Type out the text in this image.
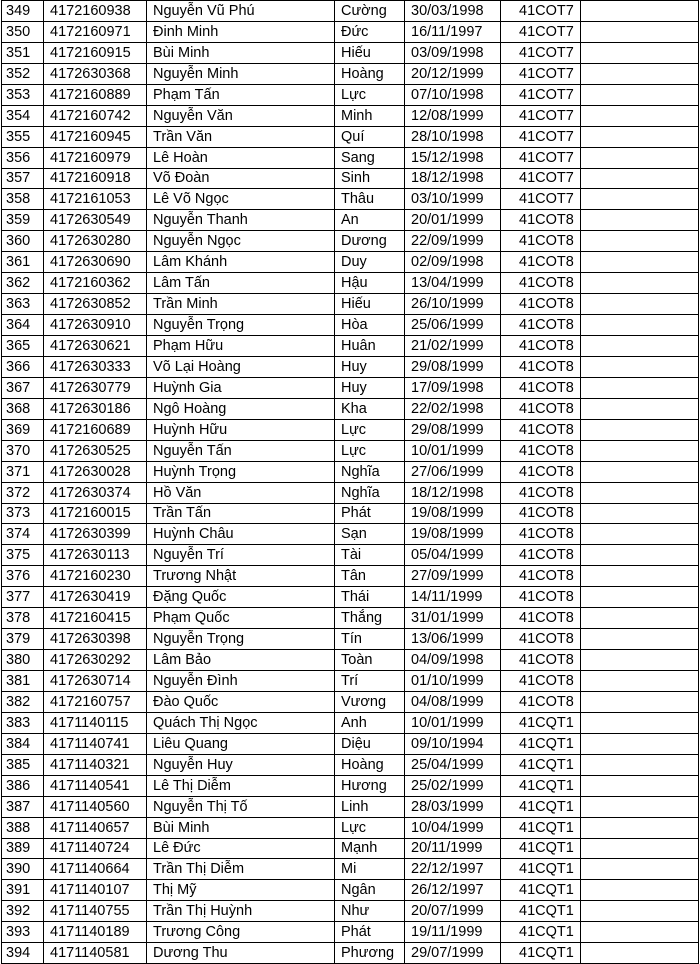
349	4172160938	Nguyễn Vũ Phú	Cường	30/03/1998	41COT7	
350	4172160971	Đinh Minh	Đức	16/11/1997	41COT7	
351	4172160915	Bùi Minh	Hiếu	03/09/1998	41COT7	
352	4172630368	Nguyễn Minh	Hoàng	20/12/1999	41COT7	
353	4172160889	Phạm Tấn	Lực	07/10/1998	41COT7	
354	4172160742	Nguyễn Văn	Minh	12/08/1999	41COT7	
355	4172160945	Trần Văn	Quí	28/10/1998	41COT7	
356	4172160979	Lê Hoàn	Sang	15/12/1998	41COT7	
357	4172160918	Võ Đoàn	Sinh	18/12/1998	41COT7	
358	4172161053	Lê Võ Ngọc	Thâu	03/10/1999	41COT7	
359	4172630549	Nguyễn Thanh	An	20/01/1999	41COT8	
360	4172630280	Nguyễn Ngọc	Dương	22/09/1999	41COT8	
361	4172630690	Lâm Khánh	Duy	02/09/1998	41COT8	
362	4172160362	Lâm Tấn	Hậu	13/04/1999	41COT8	
363	4172630852	Trần Minh	Hiếu	26/10/1999	41COT8	
364	4172630910	Nguyễn Trọng	Hòa	25/06/1999	41COT8	
365	4172630621	Phạm Hữu	Huân	21/02/1999	41COT8	
366	4172630333	Võ Lại Hoàng	Huy	29/08/1999	41COT8	
367	4172630779	Huỳnh Gia	Huy	17/09/1998	41COT8	
368	4172630186	Ngô Hoàng	Kha	22/02/1998	41COT8	
369	4172160689	Huỳnh Hữu	Lực	29/08/1999	41COT8	
370	4172630525	Nguyễn Tấn	Lực	10/01/1999	41COT8	
371	4172630028	Huỳnh Trọng	Nghĩa	27/06/1999	41COT8	
372	4172630374	Hồ Văn	Nghĩa	18/12/1998	41COT8	
373	4172160015	Trần Tấn	Phát	19/08/1999	41COT8	
374	4172630399	Huỳnh Châu	Sạn	19/08/1999	41COT8	
375	4172630113	Nguyễn Trí	Tài	05/04/1999	41COT8	
376	4172160230	Trương Nhật	Tân	27/09/1999	41COT8	
377	4172630419	Đặng Quốc	Thái	14/11/1999	41COT8	
378	4172160415	Phạm Quốc	Thắng	31/01/1999	41COT8	
379	4172630398	Nguyễn Trọng	Tín	13/06/1999	41COT8	
380	4172630292	Lâm Bảo	Toàn	04/09/1998	41COT8	
381	4172630714	Nguyễn Đình	Trí	01/10/1999	41COT8	
382	4172160757	Đào Quốc	Vương	04/08/1999	41COT8	
383	4171140115	Quách Thị Ngọc	Anh	10/01/1999	41CQT1	
384	4171140741	Liêu Quang	Diệu	09/10/1994	41CQT1	
385	4171140321	Nguyễn Huy	Hoàng	25/04/1999	41CQT1	
386	4171140541	Lê Thị Diễm	Hương	25/02/1999	41CQT1	
387	4171140560	Nguyễn Thị Tố	Linh	28/03/1999	41CQT1	
388	4171140657	Bùi Minh	Lực	10/04/1999	41CQT1	
389	4171140724	Lê Đức	Mạnh	20/11/1999	41CQT1	
390	4171140664	Trần Thị Diễm	Mi	22/12/1997	41CQT1	
391	4171140107	Thị Mỹ	Ngân	26/12/1997	41CQT1	
392	4171140755	Trần Thị Huỳnh	Như	20/07/1999	41CQT1	
393	4171140189	Trương Công	Phát	19/11/1999	41CQT1	
394	4171140581	Dương Thu	Phương	29/07/1999	41CQT1	
